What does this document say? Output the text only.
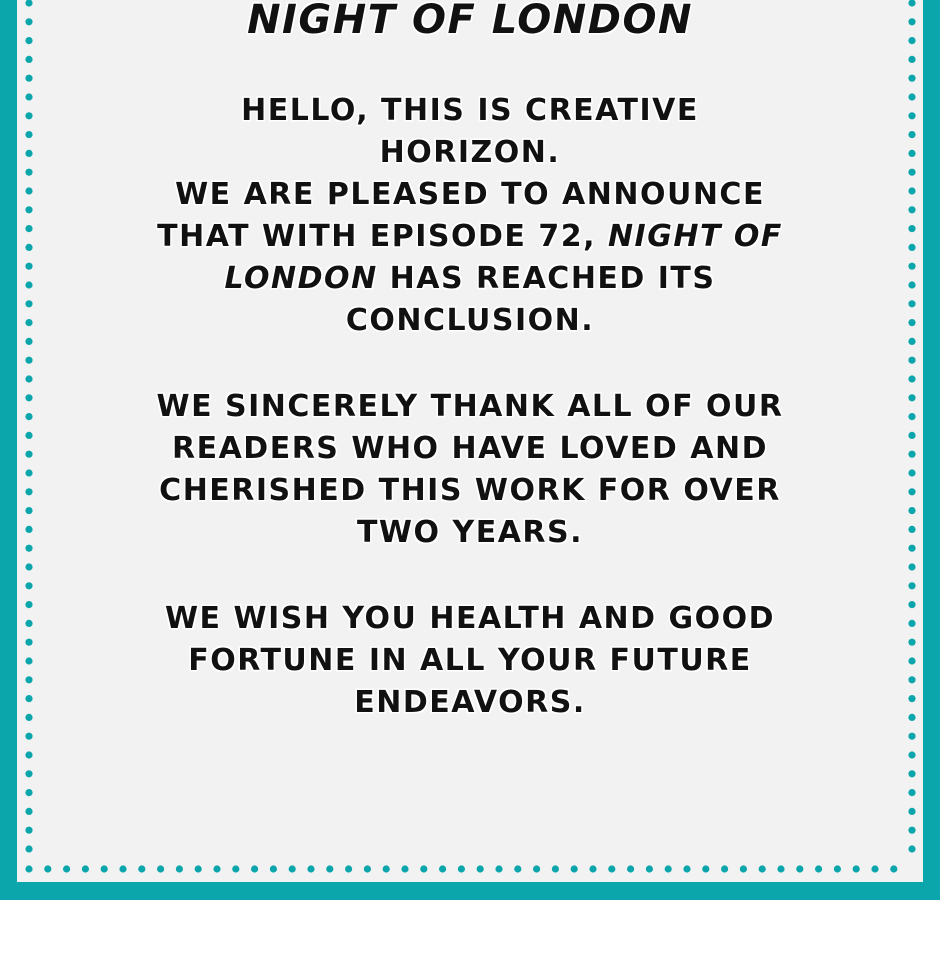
NIGHT OF LONDON

HELLO, THIS IS CREATIVE HORIZON.

WE ARE PLEASED TO ANNOUNCE THAT WITH EPISODE 72, NIGHT OF LONDON HAS REACHED ITS CONCLUSION.

WE SINCERELY THANK ALL OF OUR READERS WHO HAVE LOVED AND CHERISHED THIS WORK FOR OVER TWO YEARS.

WE WISH YOU HEALTH AND GOOD FORTUNE IN ALL YOUR FUTURE ENDEAVORS.
